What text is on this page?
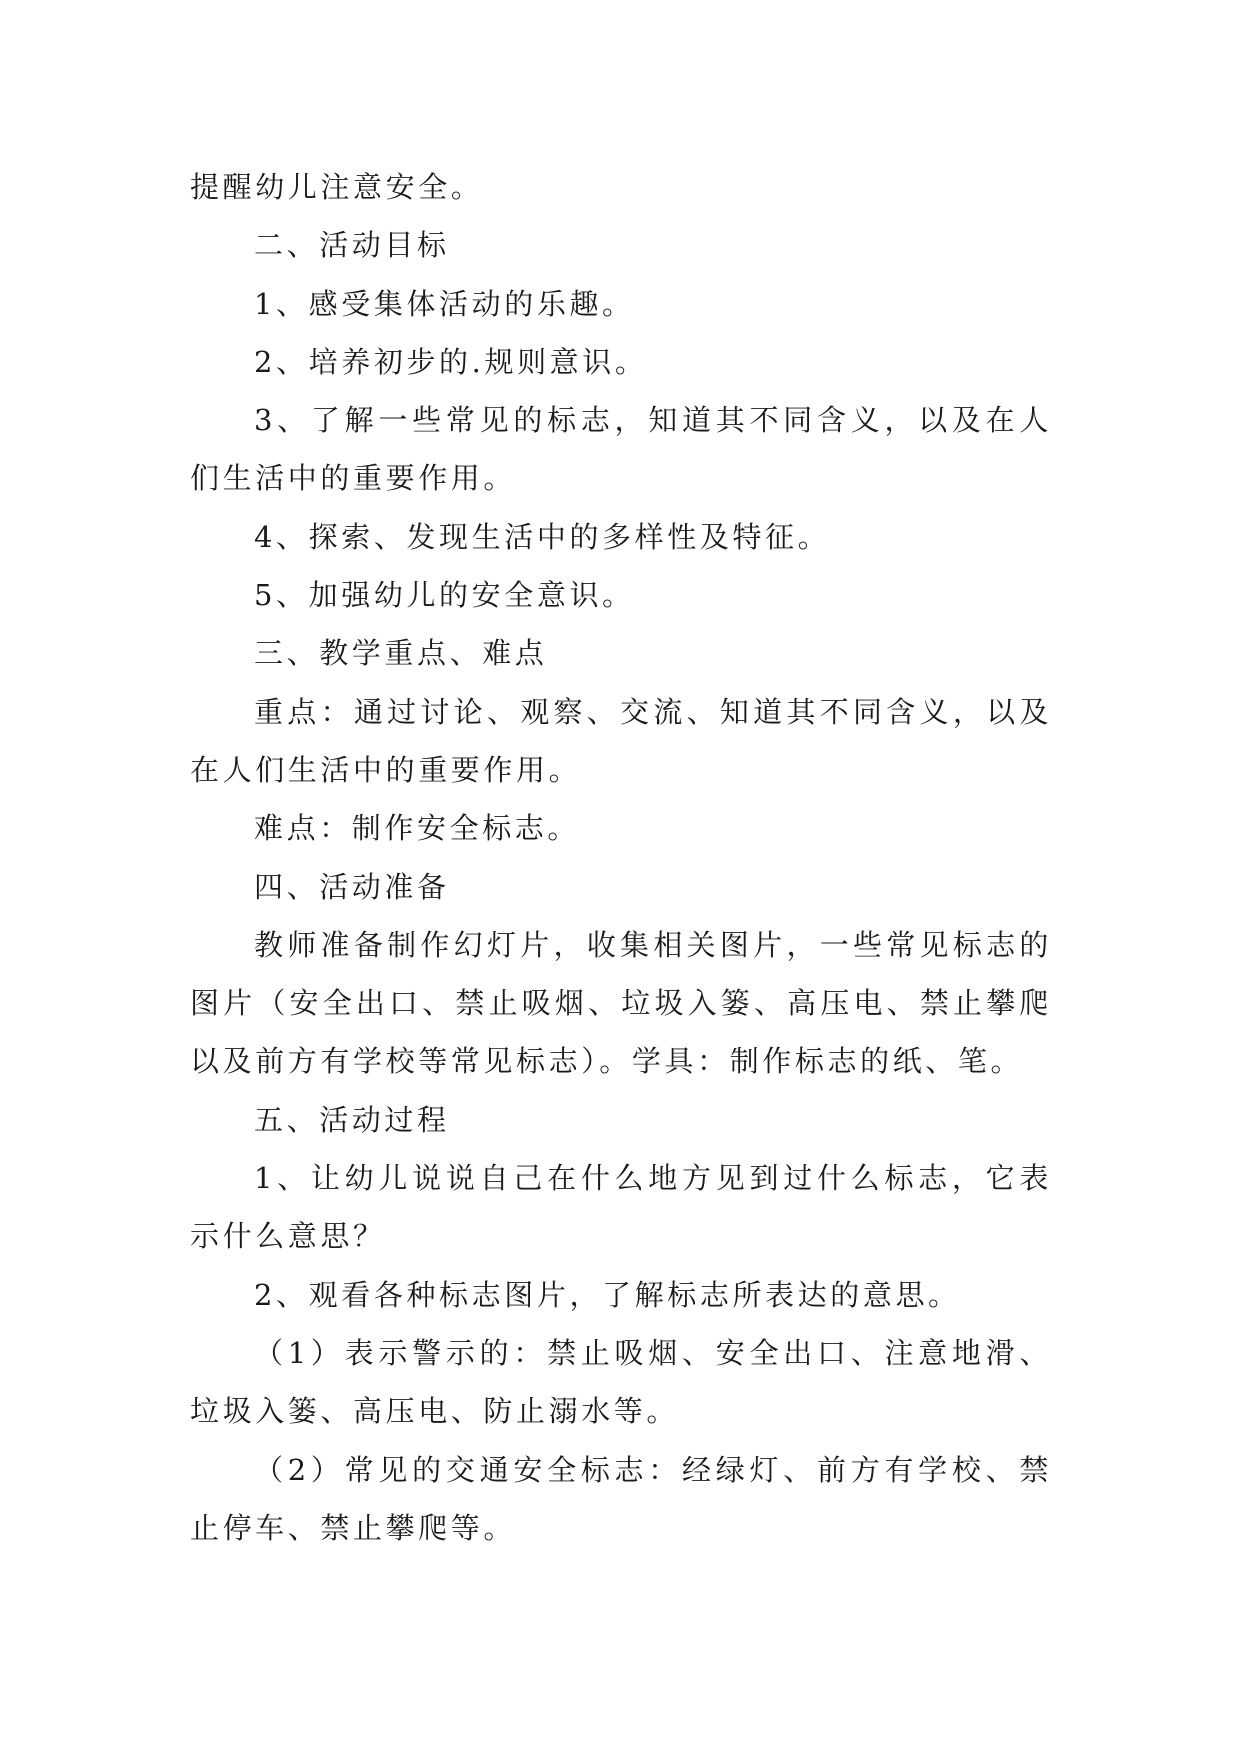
提醒幼儿注意安全。

二、活动目标

1、感受集体活动的乐趣。

2、培养初步的.规则意识。

3、了解一些常见的标志，知道其不同含义，以及在人们生活中的重要作用。

4、探索、发现生活中的多样性及特征。

5、加强幼儿的安全意识。

三、教学重点、难点

重点：通过讨论、观察、交流、知道其不同含义，以及在人们生活中的重要作用。

难点：制作安全标志。

四、活动准备

教师准备制作幻灯片，收集相关图片，一些常见标志的图片（安全出口、禁止吸烟、垃圾入篓、高压电、禁止攀爬以及前方有学校等常见标志）。学具：制作标志的纸、笔。

五、活动过程

1、让幼儿说说自己在什么地方见到过什么标志，它表示什么意思？

2、观看各种标志图片，了解标志所表达的意思。

（1）表示警示的：禁止吸烟、安全出口、注意地滑、垃圾入篓、高压电、防止溺水等。

（2）常见的交通安全标志：经绿灯、前方有学校、禁止停车、禁止攀爬等。
